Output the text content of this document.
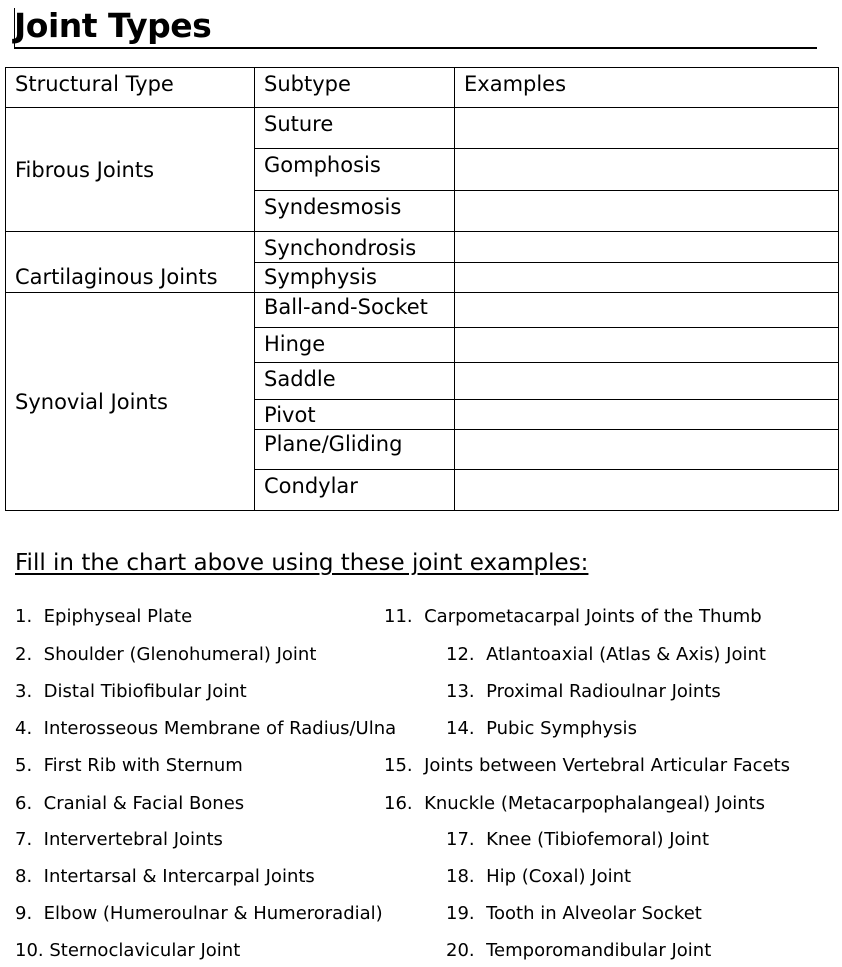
Joint Types
Structural Type	Subtype	Examples
Fibrous Joints	Suture	
	Gomphosis	
	Syndesmosis	
Cartilaginous Joints	Synchondrosis	
	Symphysis	
Synovial Joints	Ball-and-Socket	
	Hinge	
	Saddle	
	Pivot	
	Plane/Gliding	
	Condylar	

Fill in the chart above using these joint examples:

1. Epiphyseal Plate
2. Shoulder (Glenohumeral) Joint
3. Distal Tibiofibular Joint
4. Interosseous Membrane of Radius/Ulna
5. First Rib with Sternum
6. Cranial & Facial Bones
7. Intervertebral Joints
8. Intertarsal & Intercarpal Joints
9. Elbow (Humeroulnar & Humeroradial)
10. Sternoclavicular Joint
11. Carpometacarpal Joints of the Thumb
12. Atlantoaxial (Atlas & Axis) Joint
13. Proximal Radioulnar Joints
14. Pubic Symphysis
15. Joints between Vertebral Articular Facets
16. Knuckle (Metacarpophalangeal) Joints
17. Knee (Tibiofemoral) Joint
18. Hip (Coxal) Joint
19. Tooth in Alveolar Socket
20. Temporomandibular Joint
